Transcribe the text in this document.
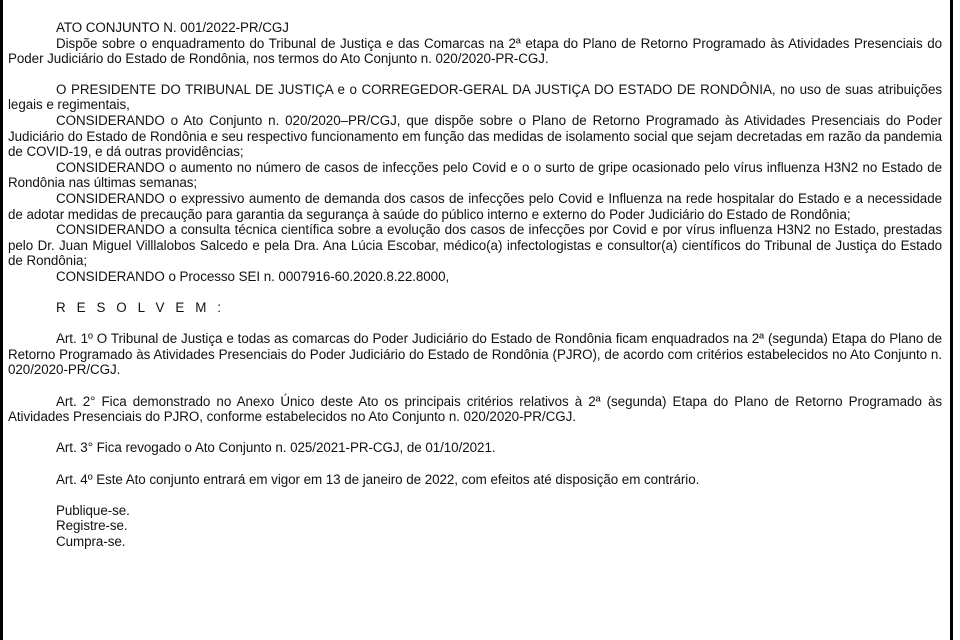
ATO CONJUNTO N. 001/2022-PR/CGJ

Dispõe sobre o enquadramento do Tribunal de Justiça e das Comarcas na 2ª etapa do Plano de Retorno Programado às Atividades Presenciais do Poder Judiciário do Estado de Rondônia, nos termos do Ato Conjunto n. 020/2020-PR-CGJ.

O PRESIDENTE DO TRIBUNAL DE JUSTIÇA e o CORREGEDOR-GERAL DA JUSTIÇA DO ESTADO DE RONDÔNIA, no uso de suas atribuições legais e regimentais,

CONSIDERANDO o Ato Conjunto n. 020/2020–PR/CGJ, que dispõe sobre o Plano de Retorno Programado às Atividades Presenciais do Poder Judiciário do Estado de Rondônia e seu respectivo funcionamento em função das medidas de isolamento social que sejam decretadas em razão da pandemia de COVID-19, e dá outras providências;

CONSIDERANDO o aumento no número de casos de infecções pelo Covid e o o surto de gripe ocasionado pelo vírus influenza H3N2 no Estado de Rondônia nas últimas semanas;

CONSIDERANDO o expressivo aumento de demanda dos casos de infecções pelo Covid e Influenza na rede hospitalar do Estado e a necessidade de adotar medidas de precaução para garantia da segurança à saúde do público interno e externo do Poder Judiciário do Estado de Rondônia;

CONSIDERANDO a consulta técnica científica sobre a evolução dos casos de infecções por Covid e por vírus influenza H3N2 no Estado, prestadas pelo Dr. Juan Miguel Villlalobos Salcedo e pela Dra. Ana Lúcia Escobar, médico(a) infectologistas e consultor(a) científicos do Tribunal de Justiça do Estado de Rondônia;

CONSIDERANDO o Processo SEI n. 0007916-60.2020.8.22.8000,

R E S O L V E M :

Art. 1º O Tribunal de Justiça e todas as comarcas do Poder Judiciário do Estado de Rondônia ficam enquadrados na 2ª (segunda) Etapa do Plano de Retorno Programado às Atividades Presenciais do Poder Judiciário do Estado de Rondônia (PJRO), de acordo com critérios estabelecidos no Ato Conjunto n. 020/2020-PR/CGJ.

Art. 2° Fica demonstrado no Anexo Único deste Ato os principais critérios relativos à 2ª (segunda) Etapa do Plano de Retorno Programado às Atividades Presenciais do PJRO, conforme estabelecidos no Ato Conjunto n. 020/2020-PR/CGJ.

Art. 3° Fica revogado o Ato Conjunto n. 025/2021-PR-CGJ, de 01/10/2021.

Art. 4º Este Ato conjunto entrará em vigor em 13 de janeiro de 2022, com efeitos até disposição em contrário.

Publique-se.

Registre-se.

Cumpra-se.
